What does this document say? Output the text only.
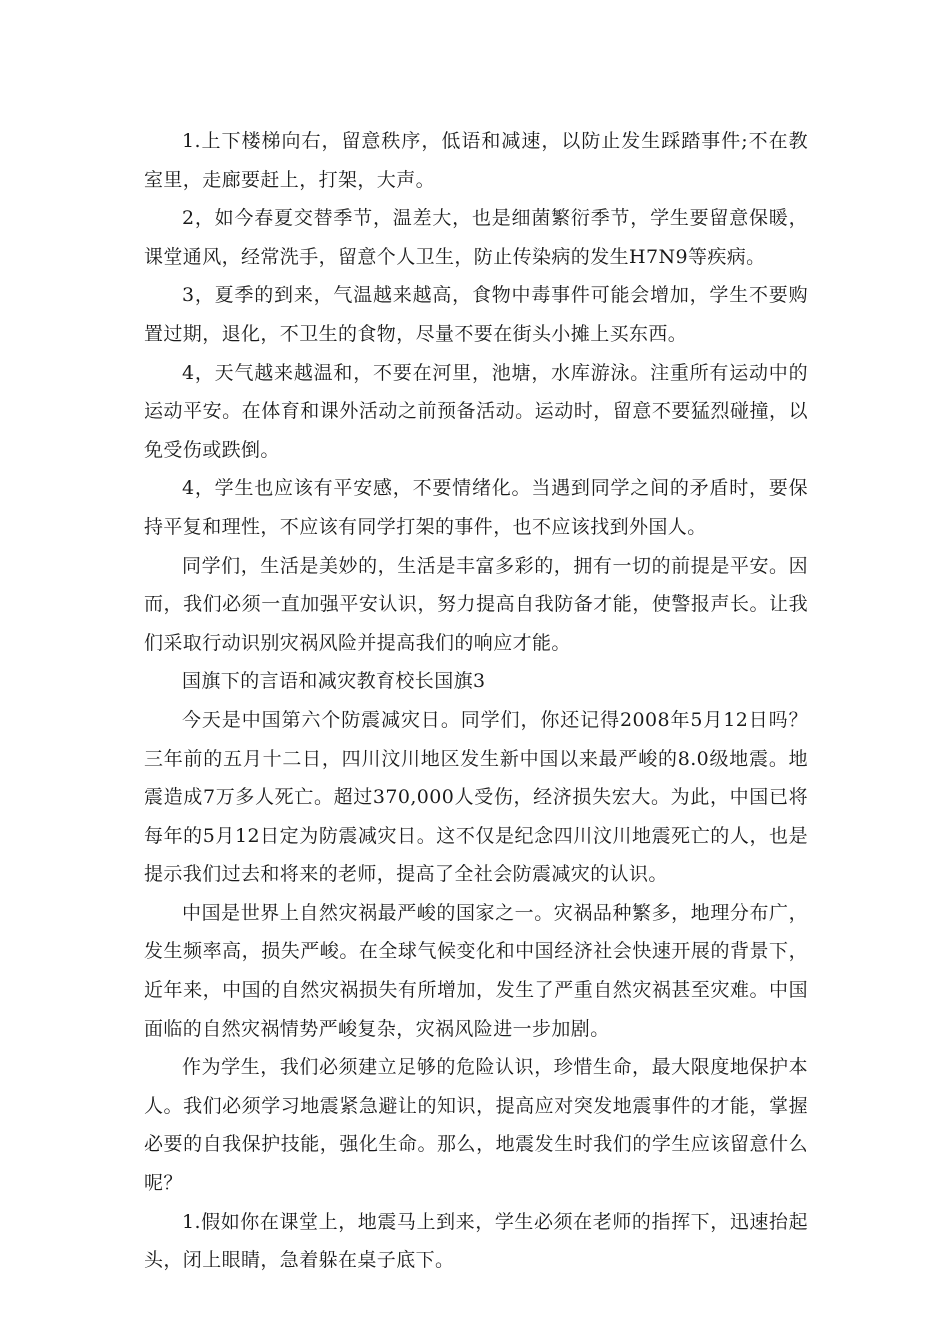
1.上下楼梯向右，留意秩序，低语和减速，以防止发生踩踏事件;不在教室里，走廊要赶上，打架，大声。

2，如今春夏交替季节，温差大，也是细菌繁衍季节，学生要留意保暖，课堂通风，经常洗手，留意个人卫生，防止传染病的发生H7N9等疾病。

3，夏季的到来，气温越来越高，食物中毒事件可能会增加，学生不要购置过期，退化，不卫生的食物，尽量不要在街头小摊上买东西。

4，天气越来越温和，不要在河里，池塘，水库游泳。注重所有运动中的运动平安。在体育和课外活动之前预备活动。运动时，留意不要猛烈碰撞，以免受伤或跌倒。

4，学生也应该有平安感，不要情绪化。当遇到同学之间的矛盾时，要保持平复和理性，不应该有同学打架的事件，也不应该找到外国人。

同学们，生活是美妙的，生活是丰富多彩的，拥有一切的前提是平安。因而，我们必须一直加强平安认识，努力提高自我防备才能，使警报声长。让我们采取行动识别灾祸风险并提高我们的响应才能。

国旗下的言语和减灾教育校长国旗3

今天是中国第六个防震减灾日。同学们，你还记得2008年5月12日吗？三年前的五月十二日，四川汶川地区发生新中国以来最严峻的8.0级地震。地震造成7万多人死亡。超过370,000人受伤，经济损失宏大。为此，中国已将每年的5月12日定为防震减灾日。这不仅是纪念四川汶川地震死亡的人，也是提示我们过去和将来的老师，提高了全社会防震减灾的认识。

中国是世界上自然灾祸最严峻的国家之一。灾祸品种繁多，地理分布广，发生频率高，损失严峻。在全球气候变化和中国经济社会快速开展的背景下，近年来，中国的自然灾祸损失有所增加，发生了严重自然灾祸甚至灾难。中国面临的自然灾祸情势严峻复杂，灾祸风险进一步加剧。

作为学生，我们必须建立足够的危险认识，珍惜生命，最大限度地保护本人。我们必须学习地震紧急避让的知识，提高应对突发地震事件的才能，掌握必要的自我保护技能，强化生命。那么，地震发生时我们的学生应该留意什么呢？

1.假如你在课堂上，地震马上到来，学生必须在老师的指挥下，迅速抬起头，闭上眼睛，急着躲在桌子底下。
